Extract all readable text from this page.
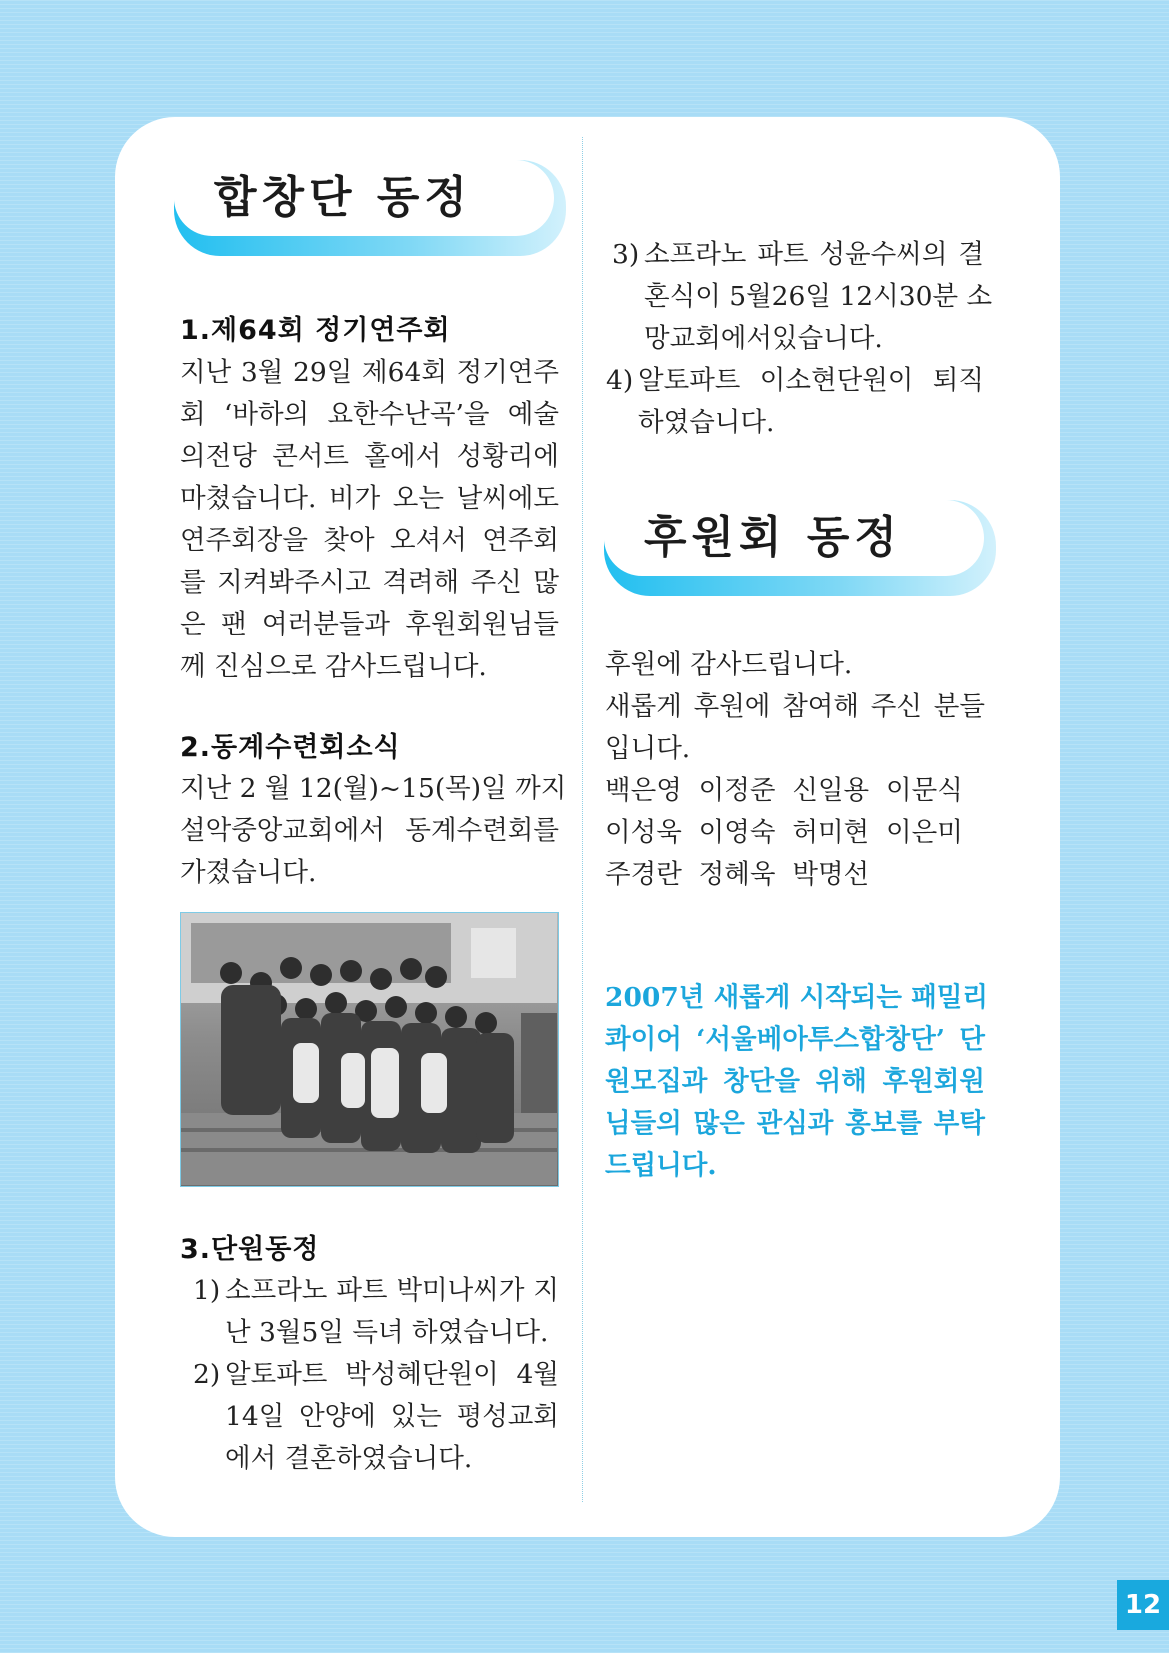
합창단 동정
1.제64회 정기연주회
지난 3월 29일 제64회 정기연주
회 ‘바하의 요한수난곡’을 예술
의전당 콘서트 홀에서 성황리에
마쳤습니다. 비가 오는 날씨에도
연주회장을 찾아 오셔서 연주회
를 지켜봐주시고 격려해 주신 많
은 팬 여러분들과 후원회원님들
께 진심으로 감사드립니다.
2.동계수련회소식
지난 2 월 12(월)~15(목)일 까지
설악중앙교회에서 동계수련회를
가졌습니다.
3.단원동정
1) 소프라노 파트 박미나씨가 지
난 3월5일 득녀 하였습니다.
2) 알토파트 박성혜단원이 4월
14일 안양에 있는 평성교회
에서 결혼하였습니다.
3) 소프라노 파트 성윤수씨의 결
혼식이 5월26일 12시30분 소
망교회에서있습니다.
4) 알토파트 이소현단원이 퇴직
하였습니다.
후원회 동정
후원에 감사드립니다.
새롭게 후원에 참여해 주신 분들
입니다.
백은영 이정준 신일용 이문식
이성욱 이영숙 허미현 이은미
주경란 정혜욱 박명선
2007년 새롭게 시작되는 패밀리
콰이어 ‘서울베아투스합창단’ 단
원모집과 창단을 위해 후원회원
님들의 많은 관심과 홍보를 부탁
드립니다.
12
